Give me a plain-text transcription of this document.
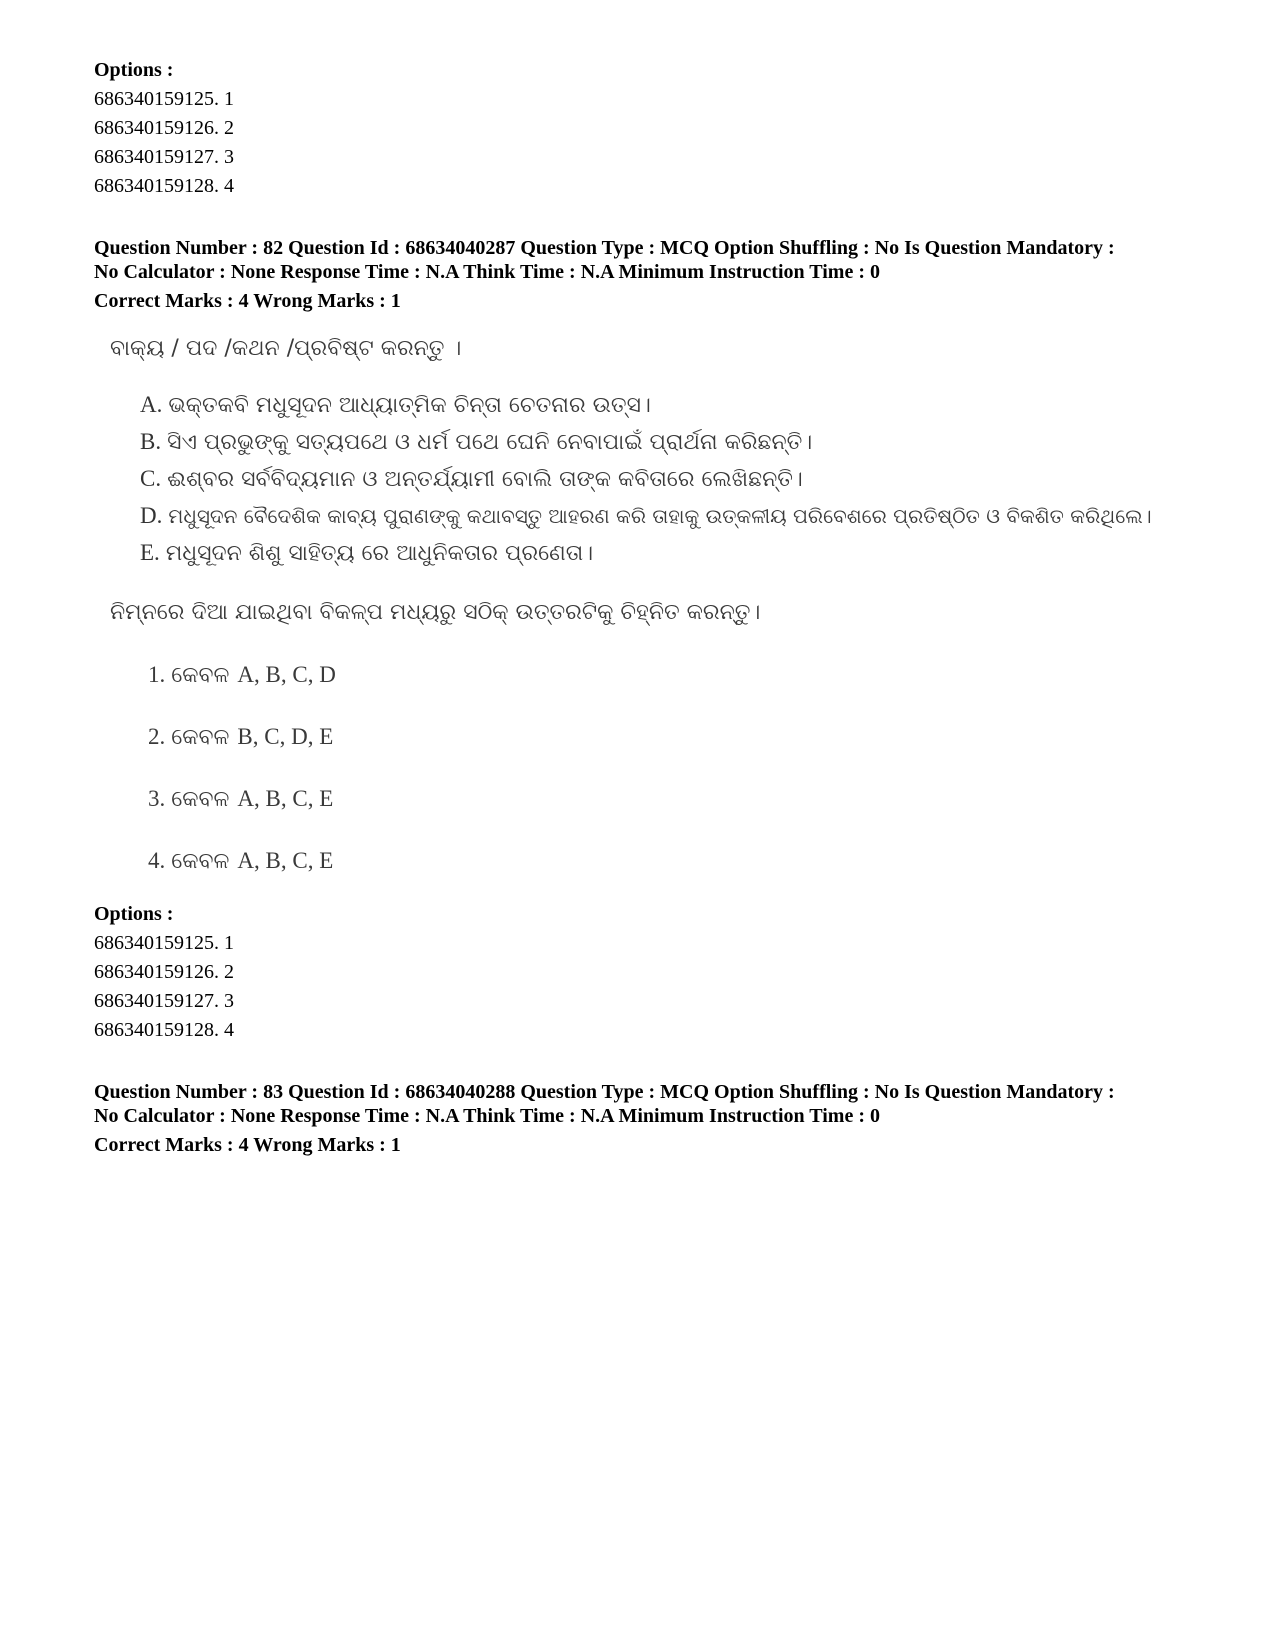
Options :
686340159125. 1
686340159126. 2
686340159127. 3
686340159128. 4
Question Number : 82 Question Id : 68634040287 Question Type : MCQ Option Shuffling : No Is Question Mandatory :
No Calculator : None Response Time : N.A Think Time : N.A Minimum Instruction Time : 0
Correct Marks : 4 Wrong Marks : 1
ବାକ୍ୟ / ପଦ /କଥନ /ପ୍ରବିଷ୍ଟ କରନ୍ତୁ ।
A. ଭକ୍ତକବି ମଧୁସୂଦନ ଆଧ୍ୟାତ୍ମିକ ଚିନ୍ତା ଚେତନାର ଉତ୍ସ।
B. ସିଏ ପ୍ରଭୁଙ୍କୁ ସତ୍ୟପଥେ ଓ ଧର୍ମ ପଥେ ଘେନି ନେବାପାଇଁ ପ୍ରାର୍ଥନା କରିଛନ୍ତି।
C. ଈଶ୍ବର ସର୍ବବିଦ୍ୟମାନ ଓ ଅନ୍ତର୍ଯ୍ୟାମୀ ବୋଲି ତାଙ୍କ କବିତାରେ ଲେଖିଛନ୍ତି।
D. ମଧୁସୂଦନ ବୈଦେଶିକ କାବ୍ୟ ପୁରାଣଙ୍କୁ କଥାବସ୍ତୁ ଆହରଣ କରି ତାହାକୁ ଉତ୍କଳୀୟ ପରିବେଶରେ ପ୍ରତିଷ୍ଠିତ ଓ ବିକଶିତ କରିଥିଲେ।
E. ମଧୁସୂଦନ ଶିଶୁ ସାହିତ୍ୟ ରେ ଆଧୁନିକତାର ପ୍ରଣେତା।
ନିମ୍ନରେ ଦିଆ ଯାଇଥିବା ବିକଳ୍ପ ମଧ୍ୟରୁ ସଠିକ୍ ଉତ୍ତରଟିକୁ ଚିହ୍ନିତ କରନ୍ତୁ।
1. କେବଳ A, B, C, D
2. କେବଳ B, C, D, E
3. କେବଳ A, B, C, E
4. କେବଳ A, B, C, E
Options :
686340159125. 1
686340159126. 2
686340159127. 3
686340159128. 4
Question Number : 83 Question Id : 68634040288 Question Type : MCQ Option Shuffling : No Is Question Mandatory :
No Calculator : None Response Time : N.A Think Time : N.A Minimum Instruction Time : 0
Correct Marks : 4 Wrong Marks : 1
